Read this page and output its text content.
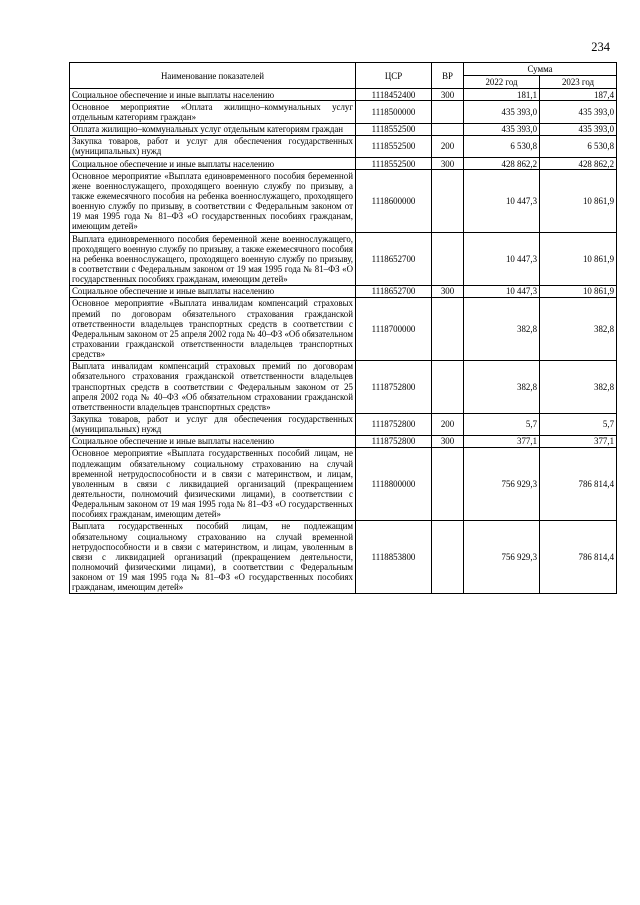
234
Наименование показателей	ЦСР	ВР	Сумма	
			2022 год	2023 год
Социальное обеспечение и иные выплаты населению	1118452400	300	181,1	187,4
Основное мероприятие «Оплата жилищно–коммунальных услуг отдельным категориям граждан»	1118500000		435 393,0	435 393,0
Оплата жилищно–коммунальных услуг отдельным категориям граждан	1118552500		435 393,0	435 393,0
Закупка товаров, работ и услуг для обеспечения государственных (муниципальных) нужд	1118552500	200	6 530,8	6 530,8
Социальное обеспечение и иные выплаты населению	1118552500	300	428 862,2	428 862,2
Основное мероприятие «Выплата единовременного пособия беременной жене военнослужащего, проходящего военную службу по призыву, а также ежемесячного пособия на ребенка военнослужащего, проходящего военную службу по призыву, в соответствии с Федеральным законом от 19 мая 1995 года № 81–ФЗ «О государственных пособиях гражданам, имеющим детей»	1118600000		10 447,3	10 861,9
Выплата единовременного пособия беременной жене военнослужащего, проходящего военную службу по призыву, а также ежемесячного пособия на ребенка военнослужащего, проходящего военную службу по призыву, в соответствии с Федеральным законом от 19 мая 1995 года № 81–ФЗ «О государственных пособиях гражданам, имеющим детей»	1118652700		10 447,3	10 861,9
Социальное обеспечение и иные выплаты населению	1118652700	300	10 447,3	10 861,9
Основное мероприятие «Выплата инвалидам компенсаций страховых премий по договорам обязательного страхования гражданской ответственности владельцев транспортных средств в соответствии с Федеральным законом от 25 апреля 2002 года № 40–ФЗ «Об обязательном страховании гражданской ответственности владельцев транспортных средств»	1118700000		382,8	382,8
Выплата инвалидам компенсаций страховых премий по договорам обязательного страхования гражданской ответственности владельцев транспортных средств в соответствии с Федеральным законом от 25 апреля 2002 года № 40–ФЗ «Об обязательном страховании гражданской ответственности владельцев транспортных средств»	1118752800		382,8	382,8
Закупка товаров, работ и услуг для обеспечения государственных (муниципальных) нужд	1118752800	200	5,7	5,7
Социальное обеспечение и иные выплаты населению	1118752800	300	377,1	377,1
Основное мероприятие «Выплата государственных пособий лицам, не подлежащим обязательному социальному страхованию на случай временной нетрудоспособности и в связи с материнством, и лицам, уволенным в связи с ликвидацией организаций (прекращением деятельности, полномочий физическими лицами), в соответствии с Федеральным законом от 19 мая 1995 года № 81–ФЗ «О государственных пособиях гражданам, имеющим детей»	1118800000		756 929,3	786 814,4
Выплата государственных пособий лицам, не подлежащим обязательному социальному страхованию на случай временной нетрудоспособности и в связи с материнством, и лицам, уволенным в связи с ликвидацией организаций (прекращением деятельности, полномочий физическими лицами), в соответствии с Федеральным законом от 19 мая 1995 года № 81–ФЗ «О государственных пособиях гражданам, имеющим детей»	1118853800		756 929,3	786 814,4
